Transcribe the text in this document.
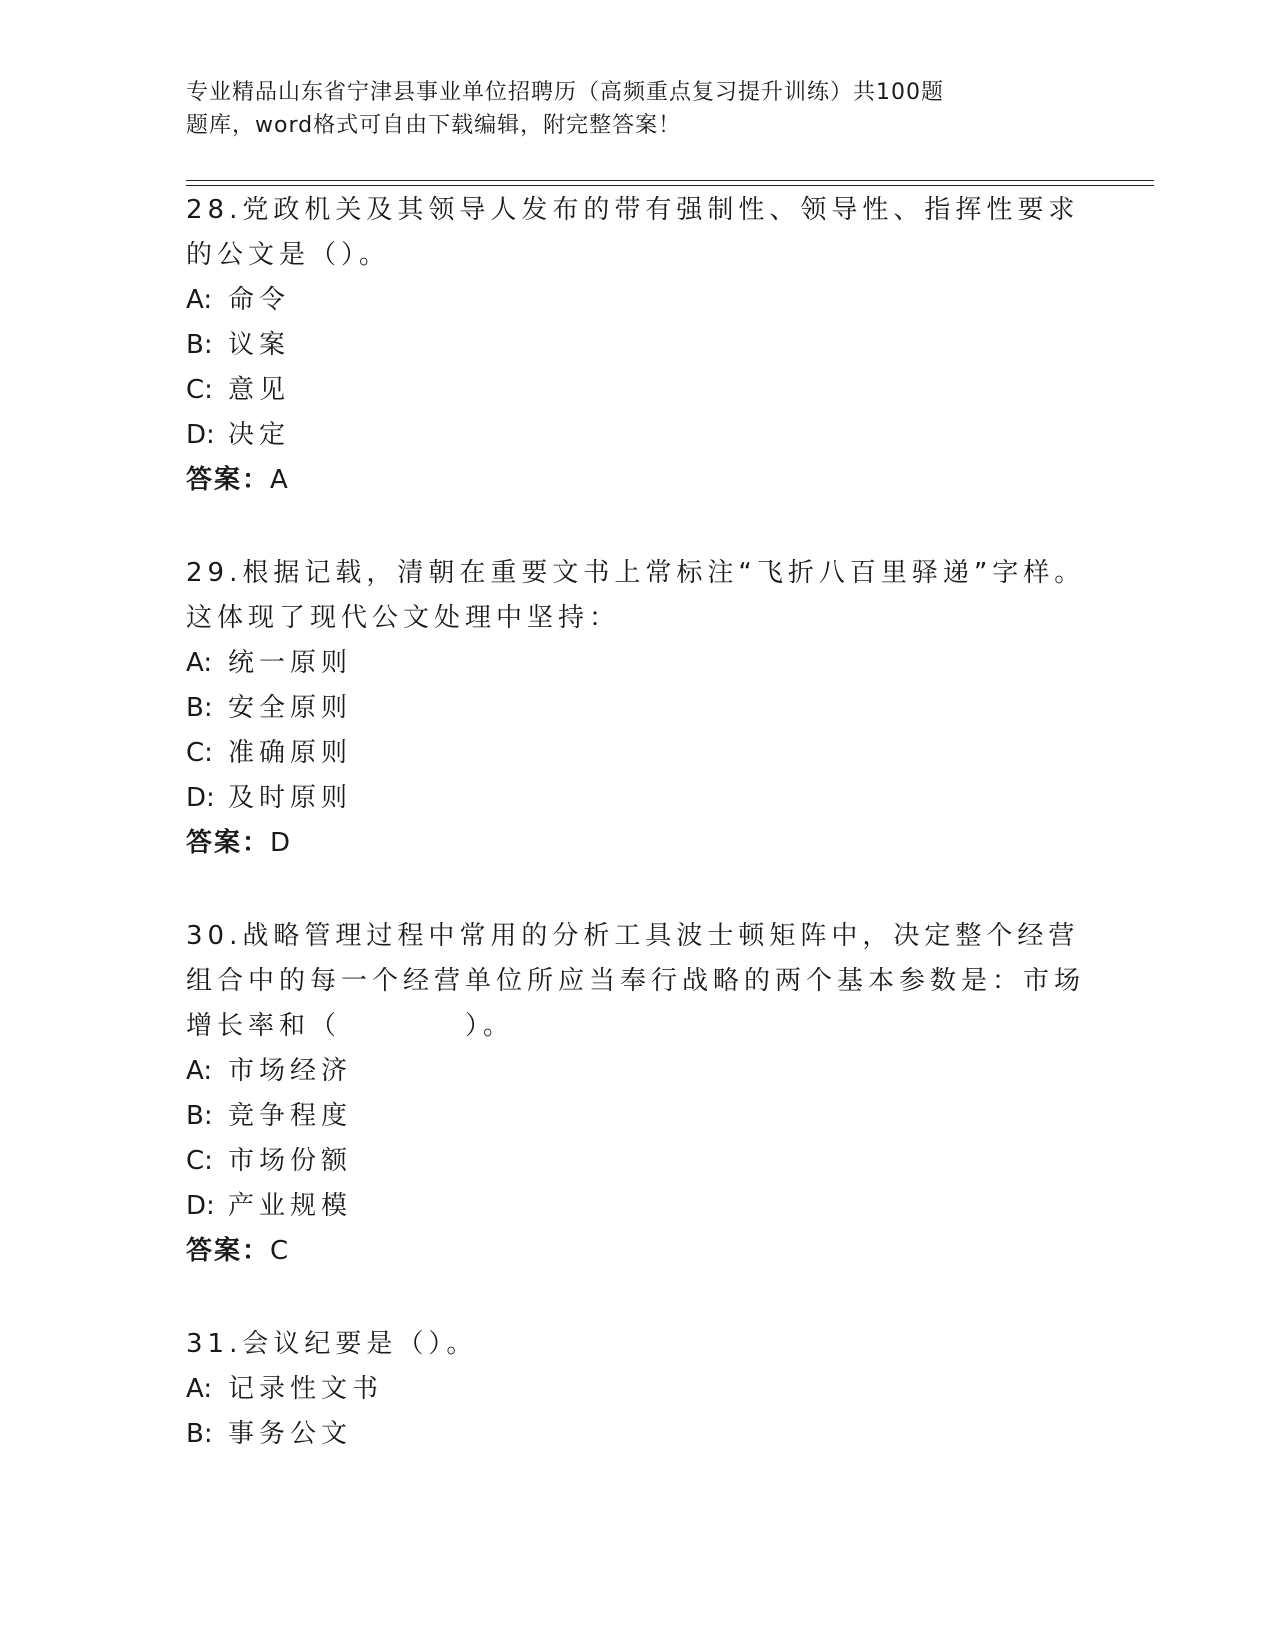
专业精品山东省宁津县事业单位招聘历（高频重点复习提升训练）共100题
题库，word格式可自由下载编辑，附完整答案！
28.党政机关及其领导人发布的带有强制性、领导性、指挥性要求的公文是（）。
A: 命令
B: 议案
C: 意见
D: 决定
答案：A
29.根据记载，清朝在重要文书上常标注“飞折八百里驿递”字样。这体现了现代公文处理中坚持：
A: 统一原则
B: 安全原则
C: 准确原则
D: 及时原则
答案：D
30.战略管理过程中常用的分析工具波士顿矩阵中，决定整个经营组合中的每一个经营单位所应当奉行战略的两个基本参数是：市场增长率和（　　　　）。
A: 市场经济
B: 竞争程度
C: 市场份额
D: 产业规模
答案：C
31.会议纪要是（）。
A: 记录性文书
B: 事务公文
